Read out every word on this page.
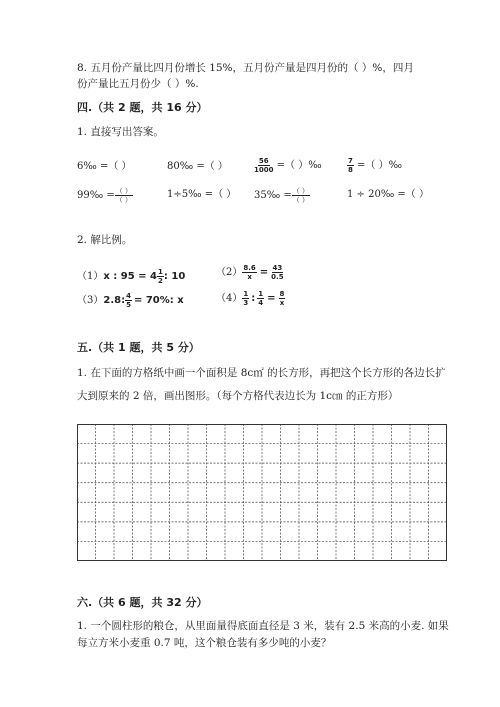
8. 五月份产量比四月份增长 15%，五月份产量是四月份的（ ）%，四月
份产量比五月份少（ ）%.
四.（共 2 题，共 16 分）
1. 直接写出答案。
6‰ =（ ）	80‰ =（ ）	$\frac{56}{1000}$ =（ ）‰	$\frac{7}{8}$ =（ ）‰
99‰ = $\frac{( )}{( )}$	1÷5‰ =（ ） 35‰ = $\frac{( )}{( )}$	1 ÷ 20‰ =（ ）
2. 解比例。
（1）x : $95 = 4 \frac{1}{2}$ : 10	$(2) \frac{8.6}{x} = \frac{43}{0.5}$
（3）2.8: $\frac{4}{5} = 70\%$: x	$(4) \frac{1}{3}$ : $\frac{1}{4} = \frac{8}{x}$
五.（共 1 题，共 5 分）
1. 在下面的方格纸中画一个面积是 8c㎡ 的长方形，再把这个长方形的各边长扩
大到原来的 2 倍，画出图形。（每个方格代表边长为 1c㎝ 的正方形）
六.（共 6 题，共 32 分）
1. 一个圆柱形的粮仓，从里面量得底面直径是 3 米，装有 2.5 米高的小麦. 如果
每立方米小麦重 0.7 吨，这个粮仓装有多少吨的小麦？
